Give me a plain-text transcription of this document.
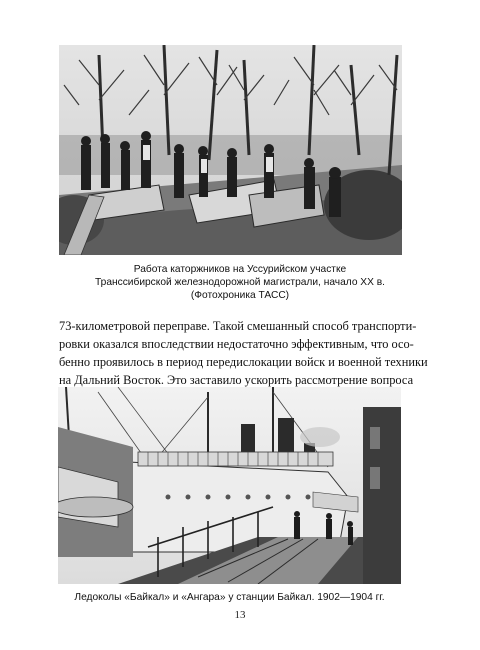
Работа каторжников на Уссурийском участке
Транссибирской железнодорожной магистрали, начало XX в.
(Фотохроника ТАСС)
73-километровой переправе. Такой смешанный способ транспорти-
ровки оказался впоследствии недостаточно эффективным, что осо-
бенно проявилось в период передислокации войск и военной техники
на Дальний Восток. Это заставило ускорить рассмотрение вопроса
Ледоколы «Байкал» и «Ангара» у станции Байкал. 1902—1904 гг.
13
